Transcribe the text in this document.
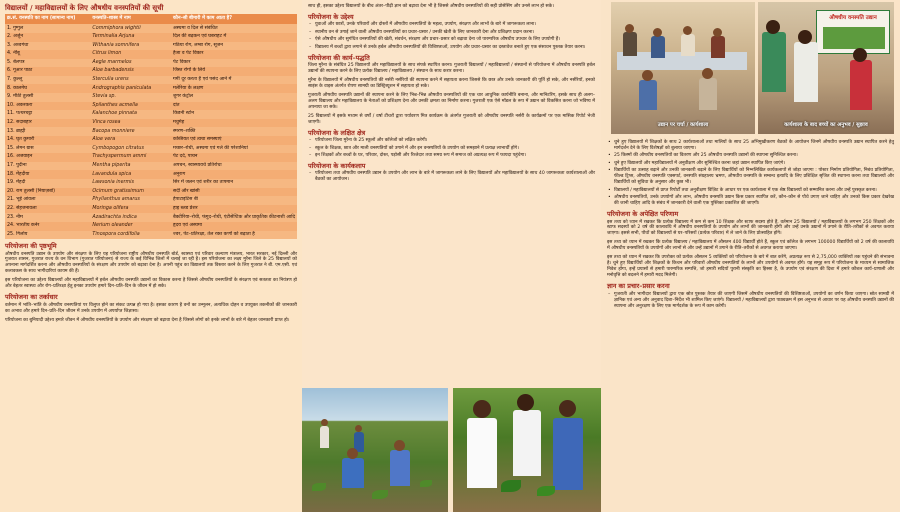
विद्यालयों / महाविद्यालयों के लिए औषधीय वनस्पतियों की सूची
क्र.सं. वनस्पति का नाम (सामान्य नाम)	वनस्पति–शास्त्र में नाम	कौन–सी बीमारी में काम आता है?
1. गुग्गुल	Commiphora wightii	अस्थमा व दिल से संबंधित
2. अर्जुन	Terminalia Arjuna	दिल की बढ़कन एवं घबराहट में
3. अश्वगंधा	Withania somnifera	गठिया रोग, लम्बा रोग, सूजन
4. नींबू	Citrus limon	हैजा व पेट विकार
5. बेलपत्र	Aegle marmelos	पेट विकार
6. गूआर पाठा	Aloe barbadensis	जिस्त रोगों के लिये
7. कुल्लू	Sterculia urens	गर्मी दूर करता है एवं पसंद आने में
8. कालमेघ	Andrographis paniculata	मलेरिया के लक्षण
9. मीठी तुलसी	Stevia sp.	शुगर कंट्रोल
10. अकरकरा	Spilanthes acmella	दांत
11. पत्थरचट्टा	Kalanchoe pinnata	किडनी स्टोन
12. सदाबहार	Vinca rosea	मधुमेह
13. ब्राह्मी	Bacopa monniere	स्मरण–शक्ति
14. घृत कुमारी	Aloe vera	कब्जियत एवं त्वचा समस्याएं
15. लेमन ग्रास	Cymbopogon citratus	मच्छर–रोधी, अस्थमा एवं गले की परेशानियां
16. अजवाइन	Trachyspermum ammi	पेट दर्द, पाचन
17. पुदीना	Mentha piperita	अपचन, स्वास्थ्यवर्ध प्रतिरोधा
18. मेंहदीया	Lavandula spica	अनुराग
19. मेंहदी	Lawsonia inermis	सिर में जलन एवं शरीर का तापमान
20. राम तुलसी (नियाज़बो)	Ocimum gratissimum	सर्दी और खांसी
21. भूई आंवला	Phyllanthus amarus	हेपाटाइटिस बी
22. सेहजनावला	Moringa olifera	हाइ ब्लड प्रेशर
23. नीम	Azadirachta indica	बैक्टीरिया–रोधी, फंगुद–रोधी, एंटीसेप्टिक और प्राकृतिक कीटनाशी आदि
24. भारतीय कनेर	Nerium oleander	हृदय एवं अस्थमा
25. गिलोय	Tinospora cordifolia	ज्वर, पेट–प्रतिरक्षा, तेल रक्त कणों को बढ़ाता है
परियोजना की पृष्ठभूमि

औषधीय वनस्पति उद्यान के उपयोग और संरक्षण के लिए यह परियोजना राष्ट्रीय औषधीय वनस्पति बोर्ड, स्वास्थ्य एवं परिवार कल्याण मंत्रालय, भारत सरकार, नई दिल्ली और गुजरात शासन, गुजरात राज्य के वन विभाग (गुजरात परियोजना) से राज्य के कई विभिन्न जिलों में चलाई जा रही है। इस परियोजना का लक्ष्य मुरैना जिले के 25 विद्यालयों को अपनाना मार्गदर्शित करना और औषधीय वनस्पतियों के संरक्षण और उपयोग को बढ़ावा देना है। अपनी पहुंच का विद्यालयों तक विस्तार करने के लिए गुजरात ने बी. एम.एसी. एवं कलावकस के साथ भागीदारियां कायम की हैं।

इस परियोजना का उद्देश्य विद्यालयों और महाविद्यालयों में हर्बल औषधीय वनस्पति उद्यानों का विकास करना है जिससे औषधीय वनस्पतियों के संरक्षण एवं सततता का नियंत्रण हो और बेहतर स्वास्थ्य और रोग–प्रतिरक्षा हेतु इनका उपयोग हमारे दिन–प्रति–दिन के जीवन में हो सके।

परियोजना का तर्काधार

वर्तमान में भांति–भांति के औषधीय वनस्पतियां पर विलुप्त होने का संकट उत्पन्न हो गया है। इसका कारण है वनों का उन्मूलन, अत्यधिक दोहन व उपयुक्त तकनीकों की जानकारी का अभाव और हमारे दिन–प्रति–दिन जीवन में उनके उपयोग में अपर्याप्त जिज्ञासा।

परियोजना का बुनियादी उद्देश्य हमारे जीवन में औषधीय वनस्पतियों के उपयोग और संरक्षण को बढ़ावा देना है जिससे लोगों को इनके लाभों के बारे में बेहतर जानकारी प्राप्त हो।

साथ ही, इसका उद्देश्य विद्यालयों के बीच अंतर–पीढ़ी ज्ञान को बढ़ावा देना भी है जिससे औषधीय वनस्पतियों की सही प्रोसेसिंग और उनसे लाभ हो सके।

परियोजना के उद्देश्य
– युवाओं और छात्रों, उनके परिवारों और दोस्तों में औषधीय वनस्पतियों के महत्व, उपयोग, संरक्षण और लाभों के बारे में जागरूकता लाना।
– स्थानीय वन से उगाई जाने वाली औषधीय वनस्पतियों का प्रचार–प्रसार / उनकी खेती के लिए जानकारी देना और प्रशिक्षण प्रदान करना।
– ऐसे औषधीय और सुगंधित वनस्पतियों की खेती, संवर्धन, संरक्षण और प्रचार–प्रसार को बढ़ावा देना जो पारम्परिक औषधीय उपचार के लिए उपयोगी हैं।
– विद्यालय में बच्चों द्वारा लगाने से उनके हर्बल औषधीय वनस्पतियों की विशिष्टताओं, उपयोग और प्रचार–प्रसार का दस्तावेज बनाते हुए एक संसाधन पुस्तक तैयार करना।
परियोजना की कार्य–पद्धति

जिला मुरैना के संबंधित 25 विद्यालयों और महाविद्यालयों के साथ संपर्क स्थापित करना। गुजराती विद्यालयों / महाविद्यालयों / संस्थानों से परियोजना में औषधीय वनस्पति हर्बल उद्यानों की स्थापना करने के लिए प्रत्येक विद्यालय / महाविद्यालय / संस्थान के साथ करार करना।

मुरैना के विद्यालयों में औषधीय वनस्पतियों की नर्सरी नर्सरियों की स्थापना करने में सहायता करना जिससे कि छात्र और उनके जानकारी की पूर्ति हो सके, और नर्सरियों, इनको साइंस के वाइस अंतर्गत रोपण सामग्री का डिस्ट्रिब्यूशन में सहायता हो सके।

गुजराती औषधीय वनस्पति उद्यानों की स्थापना करने के लिए भिन्न–भिन्न औषधीय वनस्पतियों की एक चार आधुनिक कार्यनीति बनाना, और मानिटरिंग, इसके साथ ही अलग–अलग विद्यालय और महाविद्यालय के नेताओं को प्रशिक्षण देना और उनकी क्षमता का निर्माण करना। गुजराती एक ऐसे मॉडल के रूप में उद्यान को विकसित करना जो भविष्य में अपनाया जा सके।

25 विद्यालयों में इसके मध्यम से वर्षों / वर्षा टीचरों द्वारा पर्यावरण मित्र कार्यक्रम के अंतर्गत गुजराती को औषधीय वनस्पति नर्सरी के कार्यक्रमों पर एक मासिक रिपोर्ट भेजी जाएगी।

परियोजना के लक्षित क्षेत्र
– परियोजना जिला मुरैना के 25 स्कूलों और कॉलेजों को लक्षित करेगी।
– स्कूल के शिक्षक, छात्र और माली वनस्पतियों को उगाने में और इन वनस्पतियों के उपयोग को समझाने में प्रत्यक्ष लाभार्थी होंगे।
– इन शिक्षकों और बच्चों के घर, परिवार, दोस्त, पड़ोसी और रिश्तेदार तथा समग्र रूप में समाज को अप्रत्यक्ष रूप में फायदा पहुंचेगा।
परियोजना के कार्यकलाप
– परियोजना तथा औषधीय वनस्पति उद्यान के उपयोग और लाभ के बारे में जागरूकता लाने के लिए विद्यालयों और महाविद्यालयों के साथ 40 जागरूकता कार्यशालाओं और बैठकों का आयोजन।
उद्यान पर चर्चा / कार्यशाला
औषधीय वनस्पति उद्यान
कार्यशाला के बाद बच्चों का अनुभव / सुझाव
• चुने हुए विद्यालयों में शिक्षकों के साथ 2 कार्यशालाओं तथा मालियों के साथ 25 अभिमुखीकरण बैठकों के आयोजन जिनमें औषधीय वनस्पति उद्यान स्थापित करने हेतु मार्गदर्शन देने के लिए विशेषज्ञों को बुलाया जाएगा।
• 25 किस्मों की औषधीय वनस्पतियों का वितरण और 25 औषधीय वनस्पति उद्यानों की स्थापना सुनिश्चित करना।
• चुने हुए विद्यालयों और महाविद्यालयों में अनुवीक्षण और सुनिश्चित करना जहां उद्यान स्थापित किए जाएंगे।
• विद्यार्थियों का उत्साह बढ़ाने और उनकी जानकारी बढ़ाने के लिए विद्यार्थियों को निम्नलिखित कार्यकलापों से जोड़ा जाएगा : पोस्टर निर्माण प्रतियोगिता, निबंध प्रतियोगिता, फील्ड ट्रिप्स, औषधीय वनस्पति एक्सपर्ट, वनस्पति संग्रहालय भ्रमण, औषधीय वनस्पति के सम्बन्ध इत्यादि के लिए प्रशिक्षित सृजित की स्थापना करना तथा विद्यालयों और विद्यार्थियों को सुविधा के अनुसार और कुछ भी।
• विद्यालयों / महाविद्यालयों से प्राप्त रिपोर्टों तथा अनुवीक्षण विज़िट के आधार पर एक कार्यशाला में एक श्रेष्ठ विद्यालयों को सम्मानित करना और उन्हें पुरस्कृत करना।
• औषधीय वनस्पतियों, उनके उपयोगों और लाभ, औषधीय वनस्पति उद्यान किस प्रकार स्थापित करें, कौन–कौन से पौधे उगाए जाने चाहिए और उनको किस प्रकार देखरेख की जानी चाहिए आदि के संबंध में जानकारी देने वाली एक पुस्तिका प्रकाशित की जाएगी।
परियोजना के अपेक्षित परिणाम

इस तथ्य को ध्यान में रखकर कि प्रत्येक विद्यालय में कम से कम 10 शिक्षक और स्टाफ सदस्य होते हैं, वर्तमान 25 विद्यालयों / महाविद्यालयों के लगभग 250 शिक्षकों और स्टाफ सदस्यों को 2 वर्ष की कालावधि में औषधीय वनस्पतियों के उपयोग और लाभों की जानकारी होगी और उन्हें उनके उद्यानों में उगाने के रीति–तरीकों से अवगत कराया जाएगा। इससे सभी, पौधों को विद्यालयों से घर–परिसरों (प्रत्येक परिवार) में ले जाने के लिए प्रोत्साहित होंगे।

इस तथ्य को ध्यान में रखकर कि प्रत्येक विद्यालय / महाविद्यालय में औसतन 400 विद्यार्थी होते हैं, स्कूल एवं कॉलेज के लगभग 100000 विद्यार्थियों को 2 वर्ष की कालावधि में औषधीय वनस्पतियों के उपयोगों और लाभों से और उन्हें उद्यानों में उगाने के रीति–तरीकों से अवगत कराया जाएगा।

इस तथ्य को ध्यान में रखकर कि उपरोक्त को प्रत्येक औसतन 5 व्यक्तियों को परियोजना के बारे में बात करेंगे, अप्रत्यक्ष रूप से 2,75,000 व्यक्तियों तक पहुंचने की संभावना है। चुने हुए विद्यार्थियों और शिक्षकों के किचन और परिवारों औषधीय वनस्पतियों के लाभों और उपयोगों से अवगत होंगे। यह समूह रूप में परियोजना के माध्यम से सामाजिक निवेश होगा, इन्हें प्रयासों से हमारी पारम्परिक सम्पत्ति, जो हमारी सदियों पुरानी संस्कृति का हिस्सा है, के उपयोग एवं संरक्षण की दिशा में हमारे कौशल कार्य–प्रणाली और मनोवृत्ति को बदलने में हमारी मदद मिलेगी।

ज्ञान का प्रचार–प्रसार करना
– गुजराती और भागीदार विद्यालयों द्वारा एक स्रोत पुस्तक तैयार की जाएगी जिसमें औषधीय वनस्पतियों की विशिष्टताओं, उपयोगों का वर्णन किया जाएगा। स्रोत सामग्री में ज्ञानिक एवं अन्य और अनुवाद दिशा–निर्देश भी शामिल किए जाएंगे। विद्यालयों / महाविद्यालयों द्वारा पाठ्यक्रम में इस अनुभव से आधार पर यह औषधीय वनस्पति उद्यानों की स्थापना और अनुरक्षण के लिए एक मार्गदर्शक के रूप में काम करेगी।
